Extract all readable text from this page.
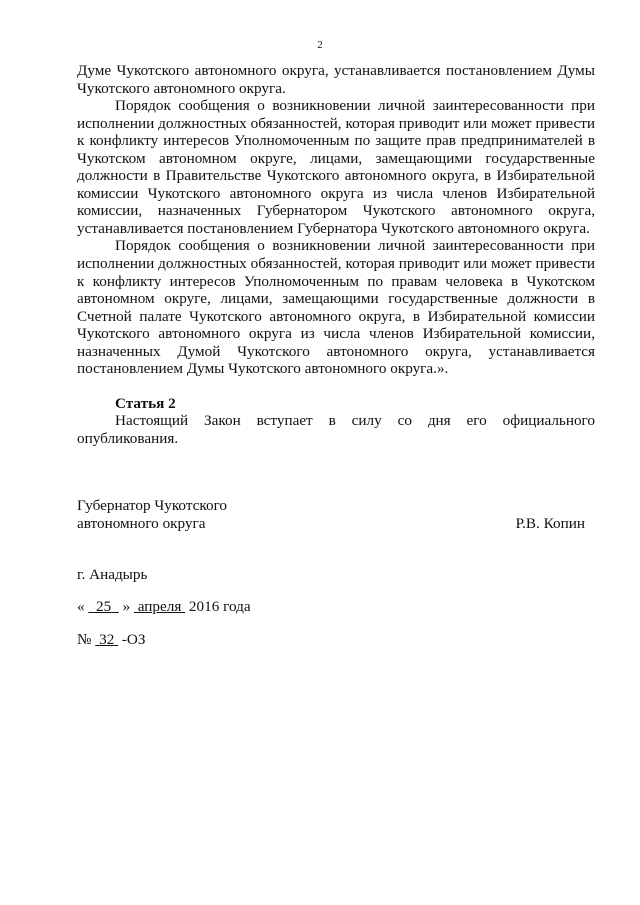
2

Думе Чукотского автономного округа, устанавливается постановлением Думы Чукотского автономного округа.

Порядок сообщения о возникновении личной заинтересованности при исполнении должностных обязанностей, которая приводит или может привести к конфликту интересов Уполномоченным по защите прав предпринимателей в Чукотском автономном округе, лицами, замещающими государственные должности в Правительстве Чукотского автономного округа, в Избирательной комиссии Чукотского автономного округа из числа членов Избирательной комиссии, назначенных Губернатором Чукотского автономного округа, устанавливается постановлением Губернатора Чукотского автономного округа.

Порядок сообщения о возникновении личной заинтересованности при исполнении должностных обязанностей, которая приводит или может привести к конфликту интересов Уполномоченным по правам человека в Чукотском автономном округе, лицами, замещающими государственные должности в Счетной палате Чукотского автономного округа, в Избирательной комиссии Чукотского автономного округа из числа членов Избирательной комиссии, назначенных Думой Чукотского автономного округа, устанавливается постановлением Думы Чукотского автономного округа.».

Статья 2

Настоящий Закон вступает в силу со дня его официального опубликования.

Губернатор Чукотского
автономного округа	Р.В. Копин
г. Анадырь
« 25 » апреля 2016 года
№ 32 -ОЗ
